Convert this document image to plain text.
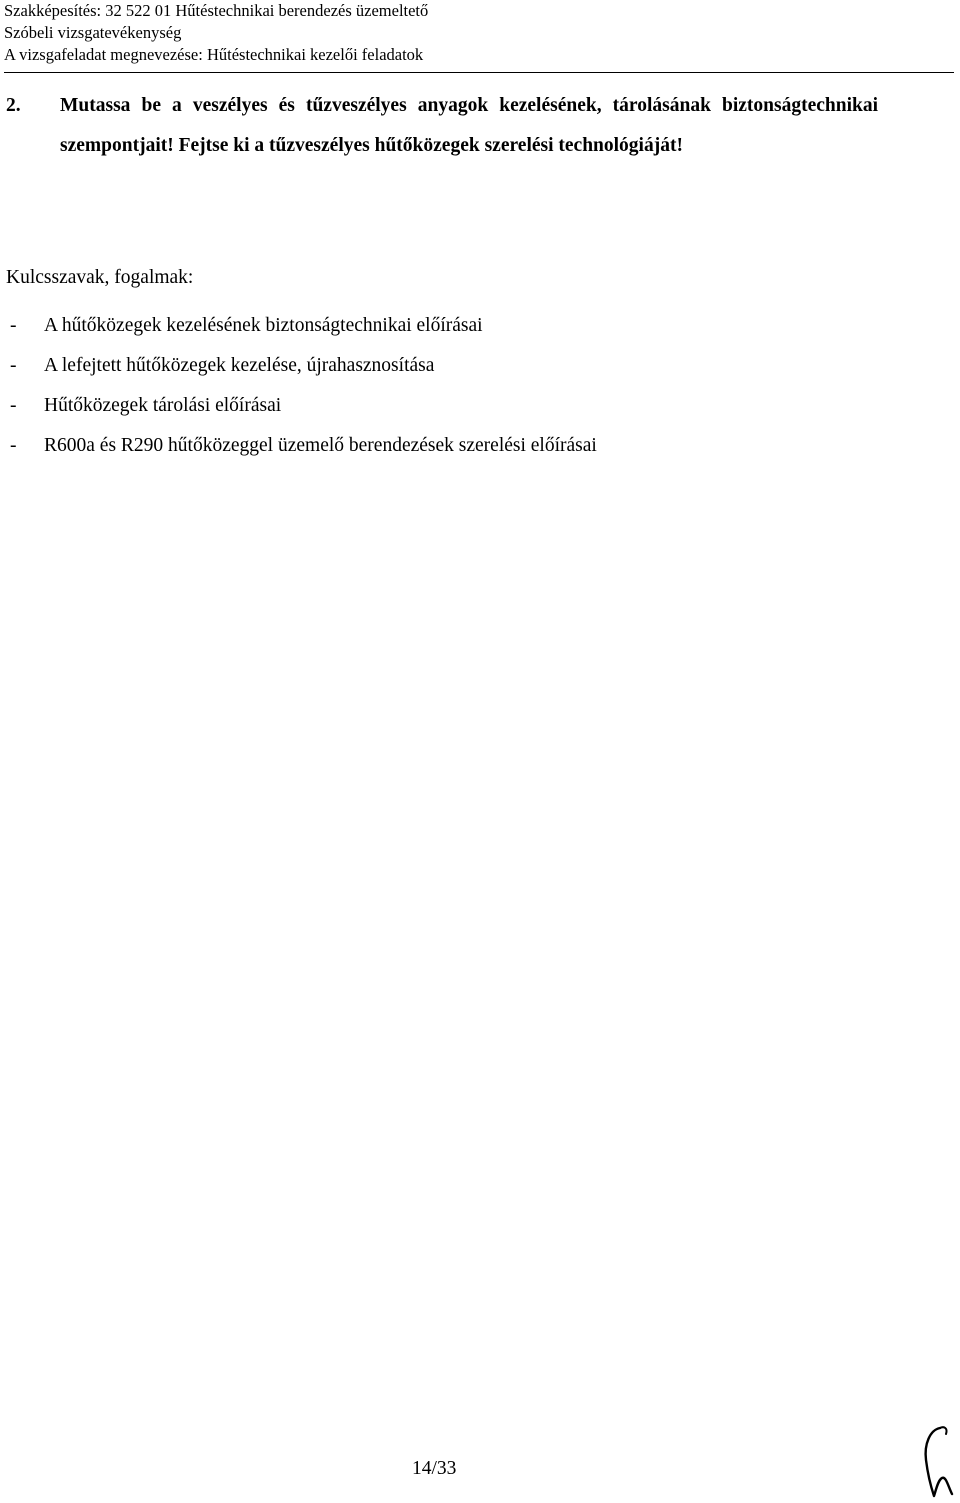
Szakképesítés: 32 522 01 Hűtéstechnikai berendezés üzemeltető
Szóbeli vizsgatevékenység
A vizsgafeladat megnevezése: Hűtéstechnikai kezelői feladatok
2. Mutassa be a veszélyes és tűzveszélyes anyagok kezelésének, tárolásának biztonságtechnikai szempontjait! Fejtse ki a tűzveszélyes hűtőközegek szerelési technológiáját!
Kulcsszavak, fogalmak:
- A hűtőközegek kezelésének biztonságtechnikai előírásai
- A lefejtett hűtőközegek kezelése, újrahasznosítása
- Hűtőközegek tárolási előírásai
- R600a és R290 hűtőközeggel üzemelő berendezések szerelési előírásai
14/33
